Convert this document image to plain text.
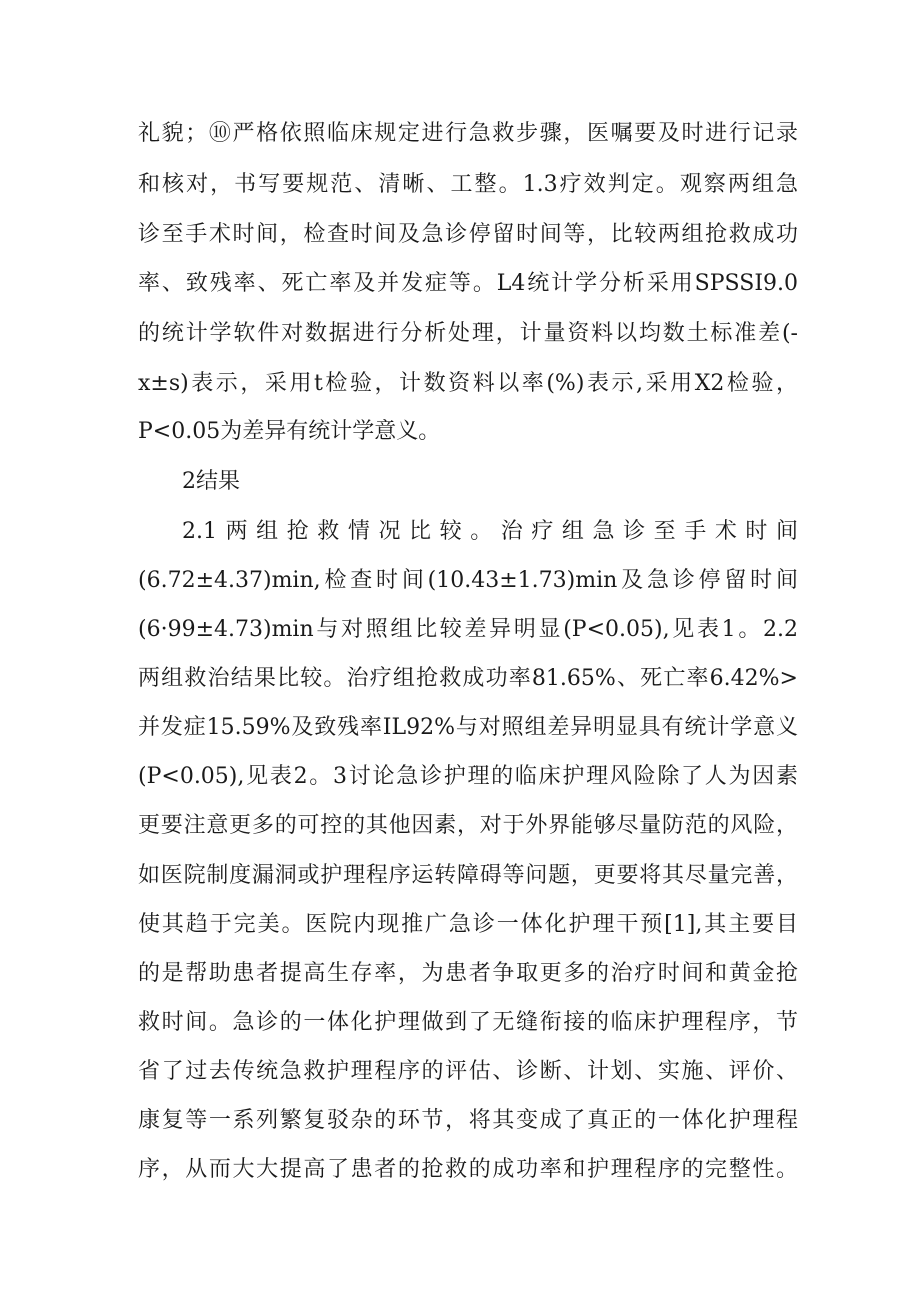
礼貌；⑩严格依照临床规定进行急救步骤，医嘱要及时进行记录
和核对，书写要规范、清晰、工整。1.3疗效判定。观察两组急
诊至手术时间，检查时间及急诊停留时间等，比较两组抢救成功
率、致残率、死亡率及并发症等。L4统计学分析采用SPSSI9.0
的统计学软件对数据进行分析处理，计量资料以均数土标准差(-
x±s)表示，采用t检验，计数资料以率(%)表示,采用X2检验，
P<0.05为差异有统计学意义。
2结果
2.1两组抢救情况比较。治疗组急诊至手术时间
(6.72±4.37)min,检查时间(10.43±1.73)min及急诊停留时间
(6·99±4.73)min与对照组比较差异明显(P<0.05),见表1。2.2
两组救治结果比较。治疗组抢救成功率81.65%、死亡率6.42%>
并发症15.59%及致残率IL92%与对照组差异明显具有统计学意义
(P<0.05),见表2。3讨论急诊护理的临床护理风险除了人为因素
更要注意更多的可控的其他因素，对于外界能够尽量防范的风险，
如医院制度漏洞或护理程序运转障碍等问题，更要将其尽量完善，
使其趋于完美。医院内现推广急诊一体化护理干预[1],其主要目
的是帮助患者提高生存率，为患者争取更多的治疗时间和黄金抢
救时间。急诊的一体化护理做到了无缝衔接的临床护理程序，节
省了过去传统急救护理程序的评估、诊断、计划、实施、评价、
康复等一系列繁复驳杂的环节，将其变成了真正的一体化护理程
序，从而大大提高了患者的抢救的成功率和护理程序的完整性。
